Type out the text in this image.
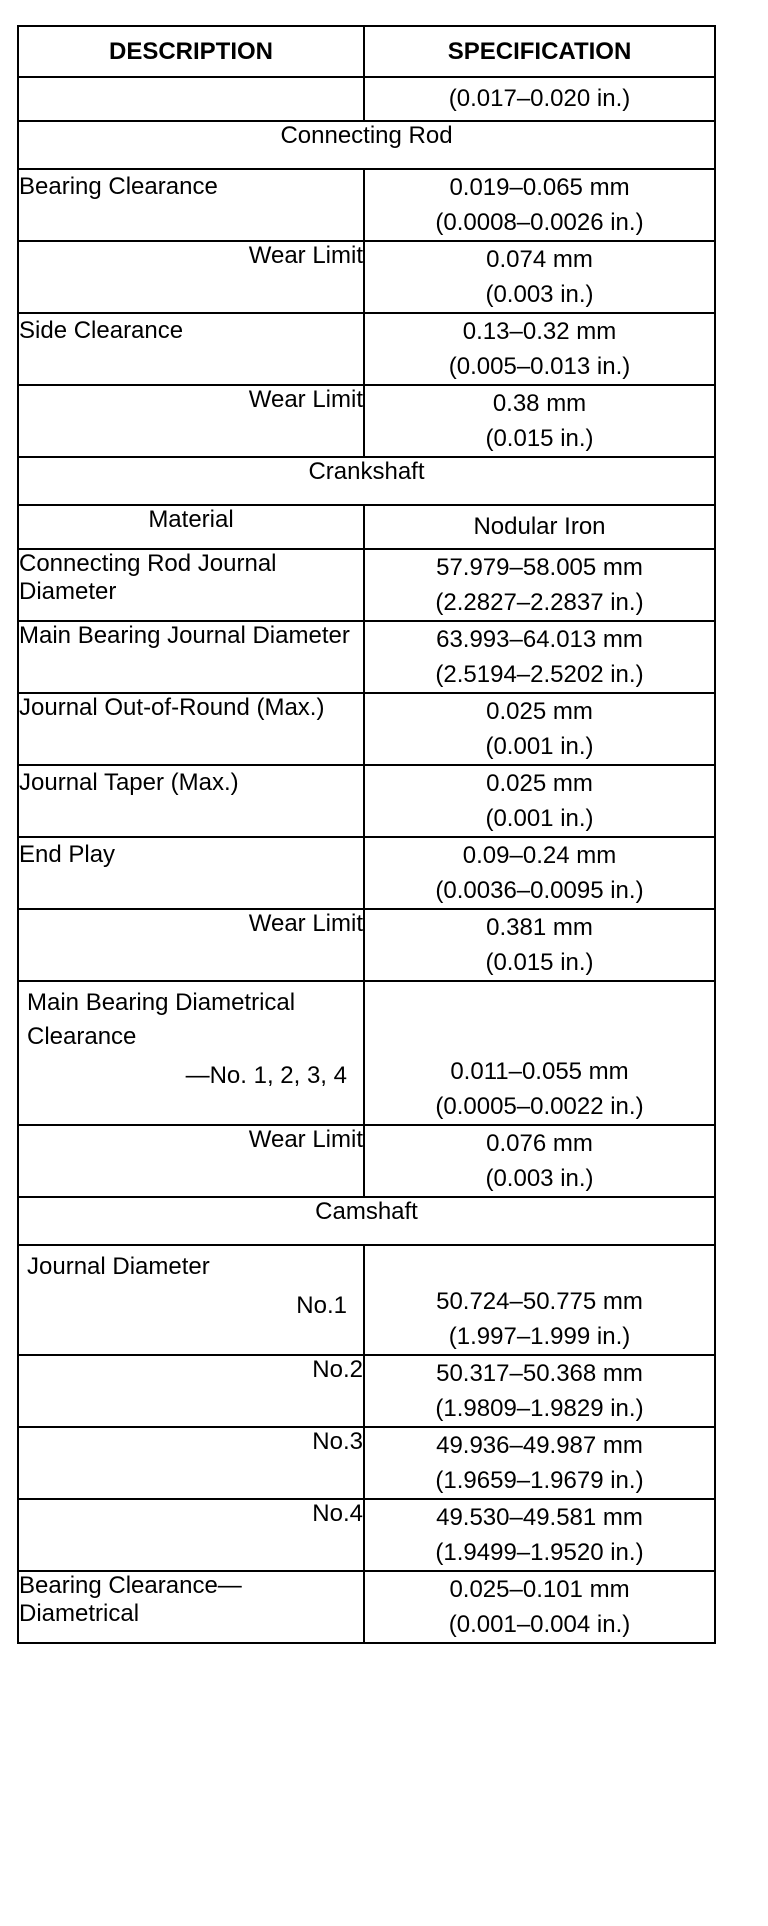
DESCRIPTION	SPECIFICATION

	(0.017–0.020 in.)

Connecting Rod	
Bearing Clearance	0.019–0.065 mm
(0.0008–0.0026 in.)

Wear Limit	0.074 mm
(0.003 in.)

Side Clearance	0.13–0.32 mm
(0.005–0.013 in.)

Wear Limit	0.38 mm
(0.015 in.)

Crankshaft	
Material	Nodular Iron

Connecting Rod Journal Diameter	57.979–58.005 mm
(2.2827–2.2837 in.)

Main Bearing Journal Diameter	63.993–64.013 mm
(2.5194–2.5202 in.)

Journal Out-of-Round (Max.)	0.025 mm
(0.001 in.)

Journal Taper (Max.)	0.025 mm
(0.001 in.)

End Play	0.09–0.24 mm
(0.0036–0.0095 in.)

Wear Limit	0.381 mm
(0.015 in.)

Main Bearing Diametrical
Clearance
—No. 1, 2, 3, 4	0.011–0.055 mm
(0.0005–0.0022 in.)

Wear Limit	0.076 mm
(0.003 in.)

Camshaft	

Journal Diameter
No.1	50.724–50.775 mm
(1.997–1.999 in.)

No.2	50.317–50.368 mm
(1.9809–1.9829 in.)

No.3	49.936–49.987 mm
(1.9659–1.9679 in.)

No.4	49.530–49.581 mm
(1.9499–1.9520 in.)

Bearing Clearance— Diametrical	0.025–0.101 mm
(0.001–0.004 in.)
